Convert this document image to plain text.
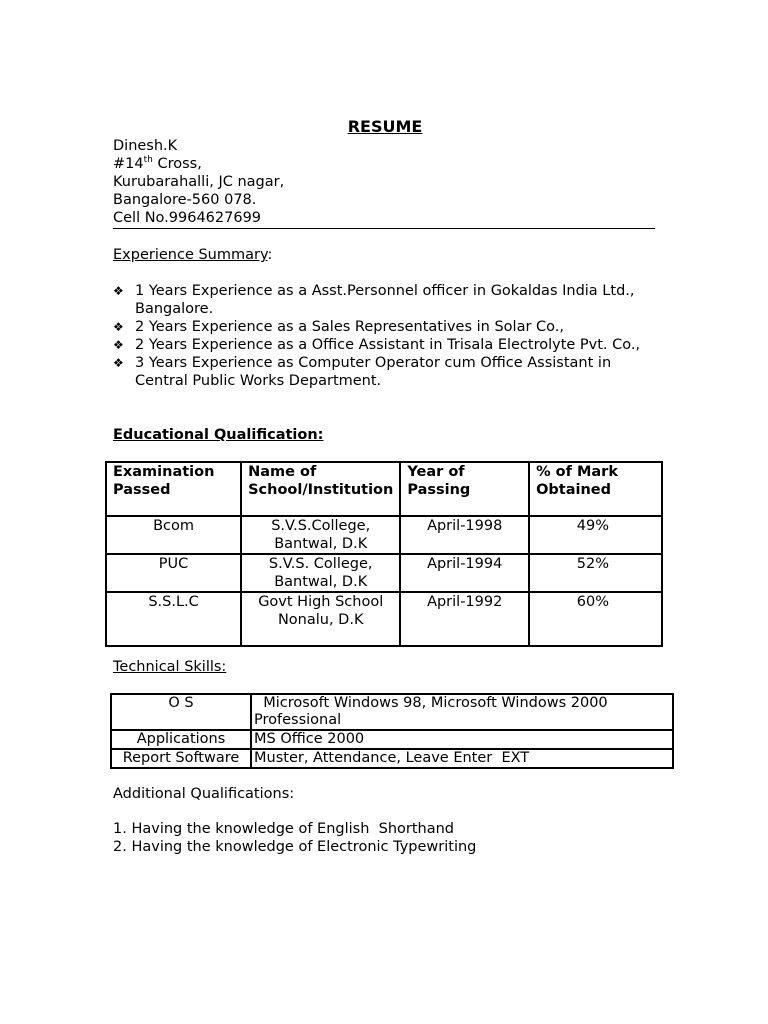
RESUME
Dinesh.K
#14th Cross,
Kurubarahalli, JC nagar,
Bangalore-560 078.
Cell No.9964627699
Experience Summary:
❖ 1 Years Experience as a Asst.Personnel officer in Gokaldas India Ltd., Bangalore.
❖ 2 Years Experience as a Sales Representatives in Solar Co.,
❖ 2 Years Experience as a Office Assistant in Trisala Electrolyte Pvt. Co.,
❖ 3 Years Experience as Computer Operator cum Office Assistant in Central Public Works Department.
Educational Qualification:
Examination Passed	Name of School/Institution	Year of Passing	% of Mark Obtained
Bcom	S.V.S.College, Bantwal, D.K	April-1998	49%
PUC	S.V.S. College, Bantwal, D.K	April-1994	52%
S.S.L.C	Govt High School Nonalu, D.K	April-1992	60%
Technical Skills:
O S	Microsoft Windows 98, Microsoft Windows 2000 Professional
Applications	MS Office 2000
Report Software	Muster, Attendance, Leave Enter  EXT
Additional Qualifications:
1. Having the knowledge of English  Shorthand
2. Having the knowledge of Electronic Typewriting
